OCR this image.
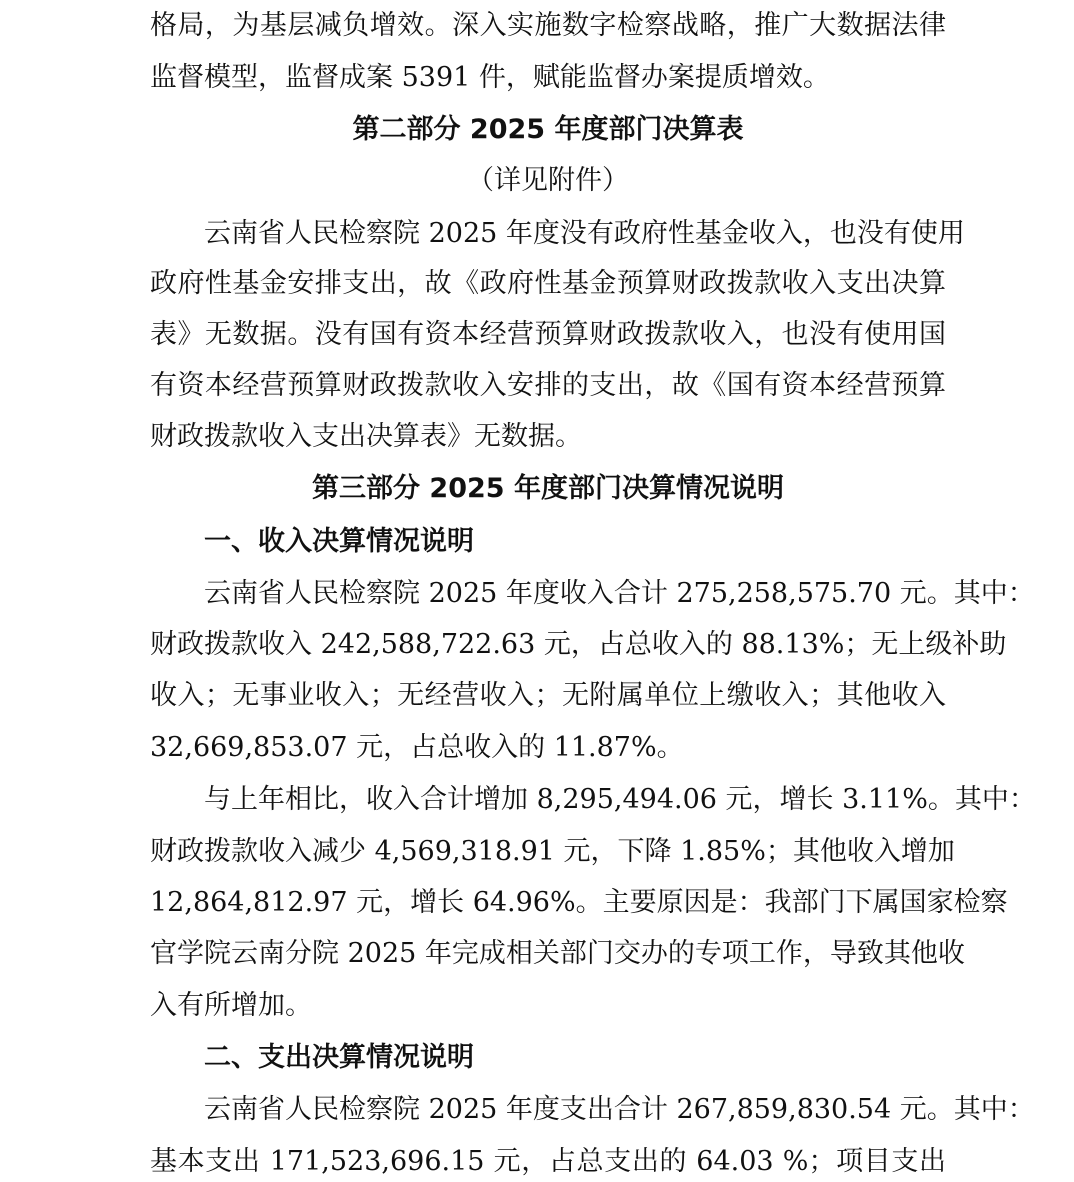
格局，为基层减负增效。深入实施数字检察战略，推广大数据法律
监督模型，监督成案 5391 件，赋能监督办案提质增效。
第二部分 2025 年度部门决算表
（详见附件）
云南省人民检察院 2025 年度没有政府性基金收入，也没有使用
政府性基金安排支出，故《政府性基金预算财政拨款收入支出决算
表》无数据。没有国有资本经营预算财政拨款收入，也没有使用国
有资本经营预算财政拨款收入安排的支出，故《国有资本经营预算
财政拨款收入支出决算表》无数据。
第三部分 2025 年度部门决算情况说明
一、收入决算情况说明
云南省人民检察院 2025 年度收入合计 275,258,575.70 元。其中：
财政拨款收入 242,588,722.63 元，占总收入的 88.13%；无上级补助
收入；无事业收入；无经营收入；无附属单位上缴收入；其他收入
32,669,853.07 元，占总收入的 11.87%。
与上年相比，收入合计增加 8,295,494.06 元，增长 3.11%。其中：
财政拨款收入减少 4,569,318.91 元，下降 1.85%；其他收入增加
12,864,812.97 元，增长 64.96%。主要原因是：我部门下属国家检察
官学院云南分院 2025 年完成相关部门交办的专项工作，导致其他收
入有所增加。
二、支出决算情况说明
云南省人民检察院 2025 年度支出合计 267,859,830.54 元。其中：
基本支出 171,523,696.15 元，占总支出的 64.03 %；项目支出
